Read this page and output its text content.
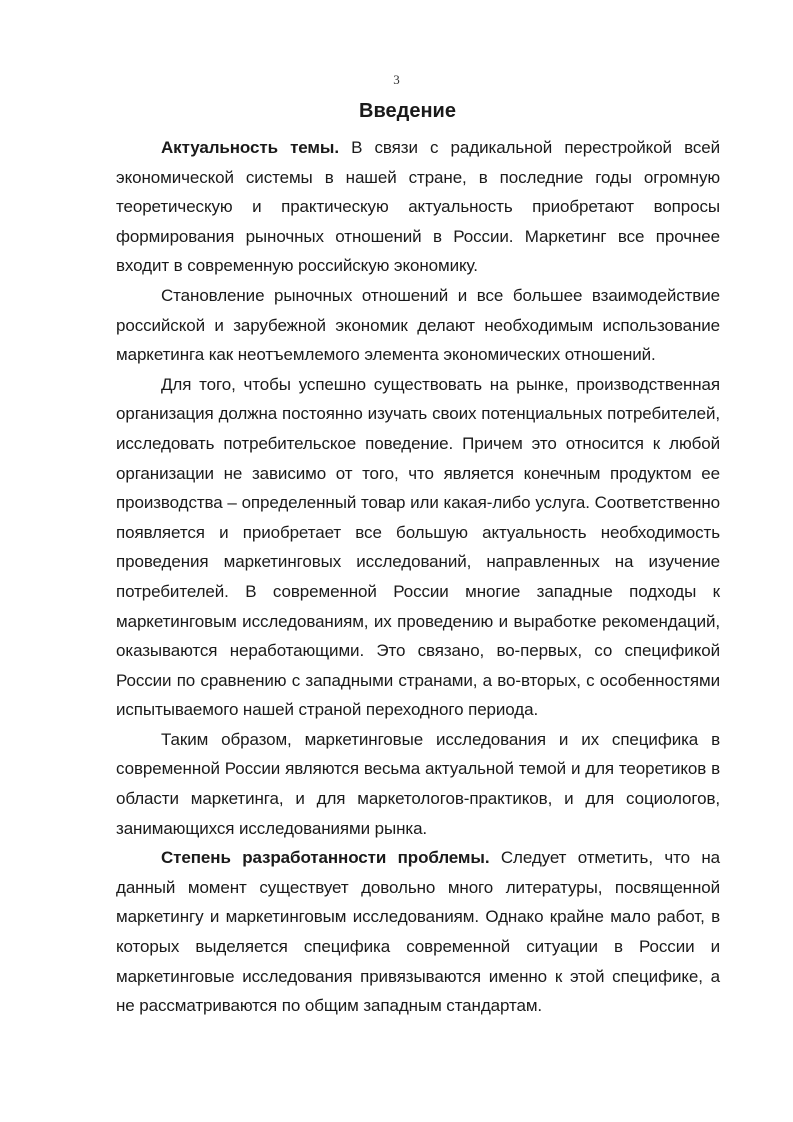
3
Введение

Актуальность темы. В связи с радикальной перестройкой всей экономической системы в нашей стране, в последние годы огромную теоретическую и практическую актуальность приобретают вопросы формирования рыночных отношений в России. Маркетинг все прочнее входит в современную российскую экономику.

Становление рыночных отношений и все большее взаимодействие российской и зарубежной экономик делают необходимым использование маркетинга как неотъемлемого элемента экономических отношений.

Для того, чтобы успешно существовать на рынке, производственная организация должна постоянно изучать своих потенциальных потребителей, исследовать потребительское поведение. Причем это относится к любой организации не зависимо от того, что является конечным продуктом ее производства – определенный товар или какая-либо услуга. Соответственно появляется и приобретает все большую актуальность необходимость проведения маркетинговых исследований, направленных на изучение потребителей. В современной России многие западные подходы к маркетинговым исследованиям, их проведению и выработке рекомендаций, оказываются неработающими. Это связано, во-первых, со спецификой России по сравнению с западными странами, а во-вторых, с особенностями испытываемого нашей страной переходного периода.

Таким образом, маркетинговые исследования и их специфика в современной России являются весьма актуальной темой и для теоретиков в области маркетинга, и для маркетологов-практиков, и для социологов, занимающихся исследованиями рынка.

Степень разработанности проблемы. Следует отметить, что на данный момент существует довольно много литературы, посвященной маркетингу и маркетинговым исследованиям. Однако крайне мало работ, в которых выделяется специфика современной ситуации в России и маркетинговые исследования привязываются именно к этой специфике, а не рассматриваются по общим западным стандартам.
